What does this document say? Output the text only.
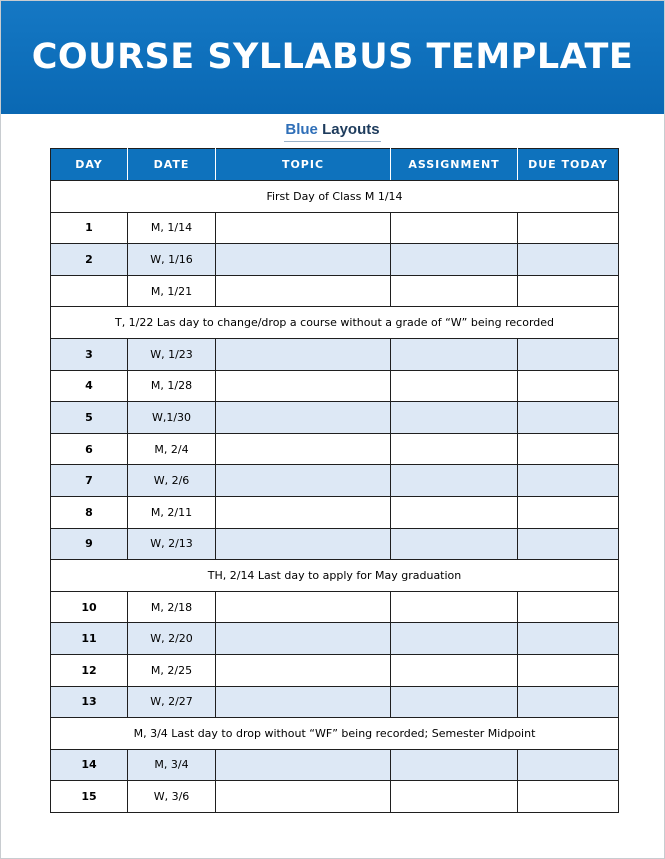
COURSE SYLLABUS TEMPLATE
Blue Layouts
DAY	DATE	TOPIC	ASSIGNMENT	DUE TODAY
First Day of Class M 1/14				
1	M, 1/14			
2	W, 1/16			
	M, 1/21			
T, 1/22 Las day to change/drop a course without a grade of “W” being recorded				
3	W, 1/23			
4	M, 1/28			
5	W,1/30			
6	M, 2/4			
7	W, 2/6			
8	M, 2/11			
9	W, 2/13			
TH, 2/14 Last day to apply for May graduation				
10	M, 2/18			
11	W, 2/20			
12	M, 2/25			
13	W, 2/27			
M, 3/4 Last day to drop without “WF” being recorded; Semester Midpoint				
14	M, 3/4			
15	W, 3/6			
